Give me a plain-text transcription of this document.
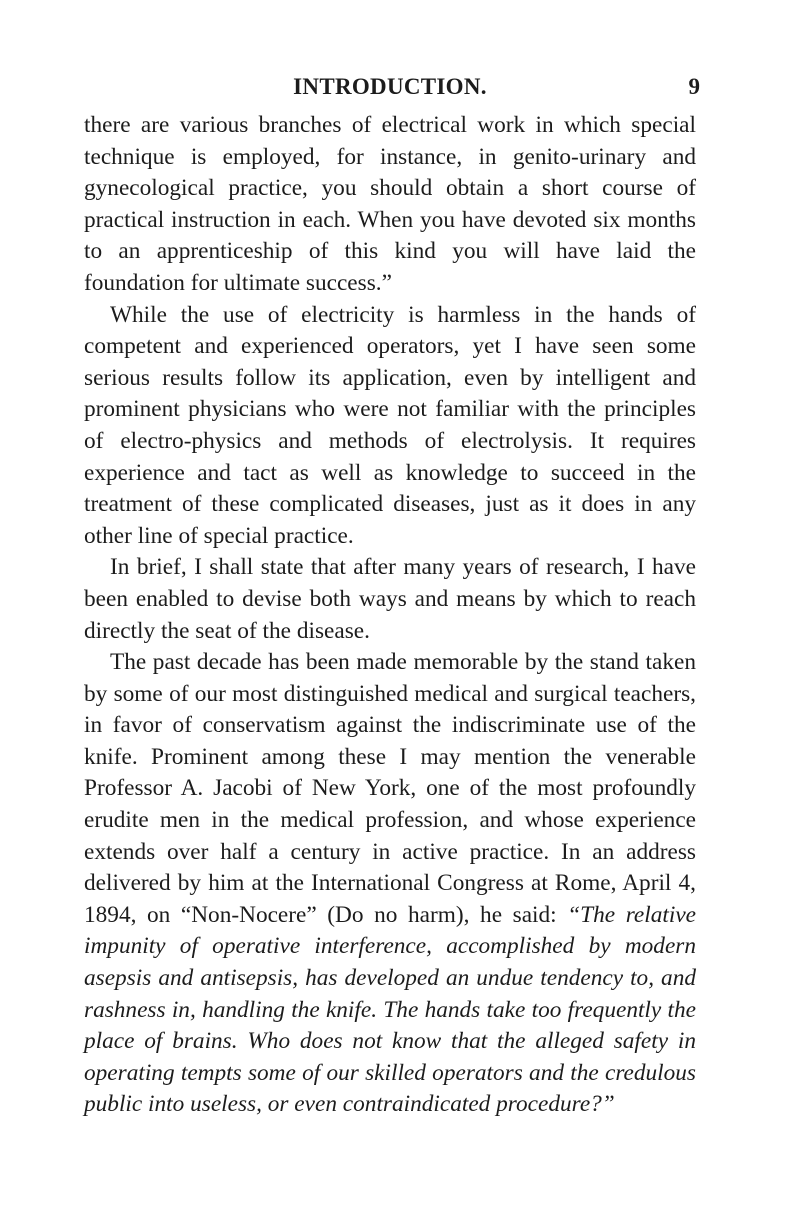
INTRODUCTION.	9

there are various branches of electrical work in which special technique is employed, for instance, in genito-urinary and gynecological practice, you should obtain a short course of practical instruction in each. When you have devoted six months to an apprenticeship of this kind you will have laid the foundation for ultimate success.”

While the use of electricity is harmless in the hands of competent and experienced operators, yet I have seen some serious results follow its application, even by intelligent and prominent physicians who were not familiar with the principles of electro-physics and methods of electrolysis. It requires experience and tact as well as knowledge to succeed in the treatment of these complicated diseases, just as it does in any other line of special practice.

In brief, I shall state that after many years of research, I have been enabled to devise both ways and means by which to reach directly the seat of the disease.

The past decade has been made memorable by the stand taken by some of our most distinguished medical and surgical teachers, in favor of conservatism against the indiscriminate use of the knife. Prominent among these I may mention the venerable Professor A. Jacobi of New York, one of the most profoundly erudite men in the medical profession, and whose experience extends over half a century in active practice. In an address delivered by him at the International Congress at Rome, April 4, 1894, on “Non-Nocere” (Do no harm), he said: “The relative impunity of operative interference, accomplished by modern asepsis and antisepsis, has developed an undue tendency to, and rashness in, handling the knife. The hands take too frequently the place of brains. Who does not know that the alleged safety in operating tempts some of our skilled operators and the credulous public into useless, or even contraindicated procedure?”
